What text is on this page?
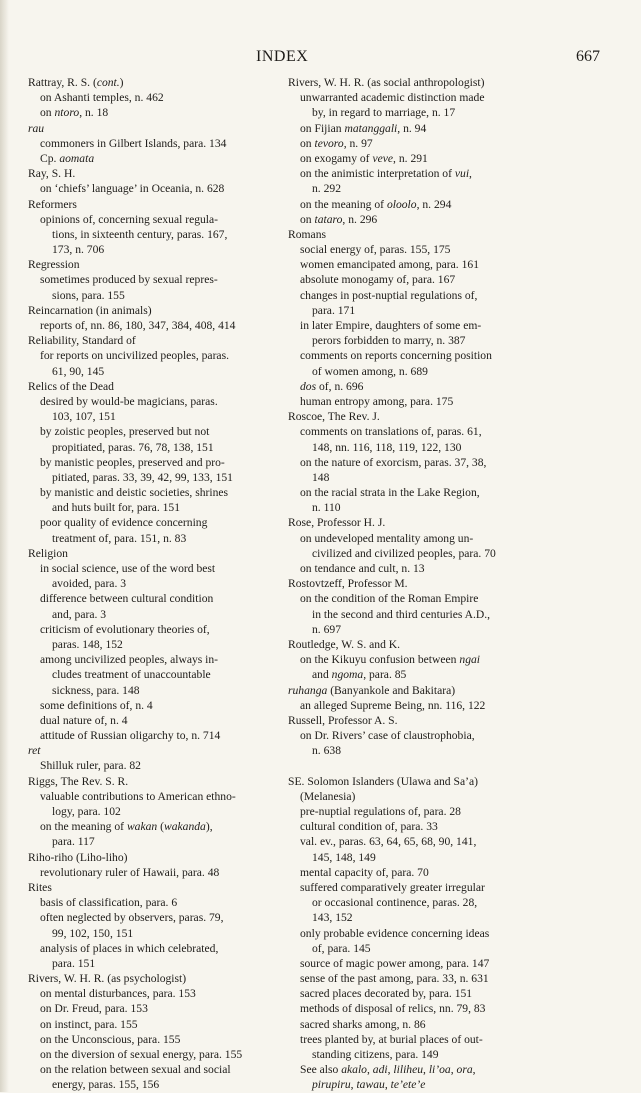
INDEX	667
Rattray, R. S. (cont.)
on Ashanti temples, n. 462
on ntoro, n. 18
rau
commoners in Gilbert Islands, para. 134
Cp. aomata
Ray, S. H.
on ‘chiefs’ language’ in Oceania, n. 628
Reformers
opinions of, concerning sexual regula-
tions, in sixteenth century, paras. 167,
173, n. 706
Regression
sometimes produced by sexual repres-
sions, para. 155
Reincarnation (in animals)
reports of, nn. 86, 180, 347, 384, 408, 414
Reliability, Standard of
for reports on uncivilized peoples, paras.
61, 90, 145
Relics of the Dead
desired by would-be magicians, paras.
103, 107, 151
by zoistic peoples, preserved but not
propitiated, paras. 76, 78, 138, 151
by manistic peoples, preserved and pro-
pitiated, paras. 33, 39, 42, 99, 133, 151
by manistic and deistic societies, shrines
and huts built for, para. 151
poor quality of evidence concerning
treatment of, para. 151, n. 83
Religion
in social science, use of the word best
avoided, para. 3
difference between cultural condition
and, para. 3
criticism of evolutionary theories of,
paras. 148, 152
among uncivilized peoples, always in-
cludes treatment of unaccountable
sickness, para. 148
some definitions of, n. 4
dual nature of, n. 4
attitude of Russian oligarchy to, n. 714
ret
Shilluk ruler, para. 82
Riggs, The Rev. S. R.
valuable contributions to American ethno-
logy, para. 102
on the meaning of wakan (wakanda),
para. 117
Riho-riho (Liho-liho)
revolutionary ruler of Hawaii, para. 48
Rites
basis of classification, para. 6
often neglected by observers, paras. 79,
99, 102, 150, 151
analysis of places in which celebrated,
para. 151
Rivers, W. H. R. (as psychologist)
on mental disturbances, para. 153
on Dr. Freud, para. 153
on instinct, para. 155
on the Unconscious, para. 155
on the diversion of sexual energy, para. 155
on the relation between sexual and social
energy, paras. 155, 156
Rivers, W. H. R. (as social anthropologist)
unwarranted academic distinction made
by, in regard to marriage, n. 17
on Fijian matanggali, n. 94
on tevoro, n. 97
on exogamy of veve, n. 291
on the animistic interpretation of vui,
n. 292
on the meaning of oloolo, n. 294
on tataro, n. 296
Romans
social energy of, paras. 155, 175
women emancipated among, para. 161
absolute monogamy of, para. 167
changes in post-nuptial regulations of,
para. 171
in later Empire, daughters of some em-
perors forbidden to marry, n. 387
comments on reports concerning position
of women among, n. 689
dos of, n. 696
human entropy among, para. 175
Roscoe, The Rev. J.
comments on translations of, paras. 61,
148, nn. 116, 118, 119, 122, 130
on the nature of exorcism, paras. 37, 38,
148
on the racial strata in the Lake Region,
n. 110
Rose, Professor H. J.
on undeveloped mentality among un-
civilized and civilized peoples, para. 70
on tendance and cult, n. 13
Rostovtzeff, Professor M.
on the condition of the Roman Empire
in the second and third centuries A.D.,
n. 697
Routledge, W. S. and K.
on the Kikuyu confusion between ngai
and ngoma, para. 85
ruhanga (Banyankole and Bakitara)
an alleged Supreme Being, nn. 116, 122
Russell, Professor A. S.
on Dr. Rivers’ case of claustrophobia,
n. 638
SE. Solomon Islanders (Ulawa and Sa’a)
(Melanesia)
pre-nuptial regulations of, para. 28
cultural condition of, para. 33
val. ev., paras. 63, 64, 65, 68, 90, 141,
145, 148, 149
mental capacity of, para. 70
suffered comparatively greater irregular
or occasional continence, paras. 28,
143, 152
only probable evidence concerning ideas
of, para. 145
source of magic power among, para. 147
sense of the past among, para. 33, n. 631
sacred places decorated by, para. 151
methods of disposal of relics, nn. 79, 83
sacred sharks among, n. 86
trees planted by, at burial places of out-
standing citizens, para. 149
See also akalo, adi, liliheu, li’oa, ora,
pirupiru, tawau, te’ete’e
